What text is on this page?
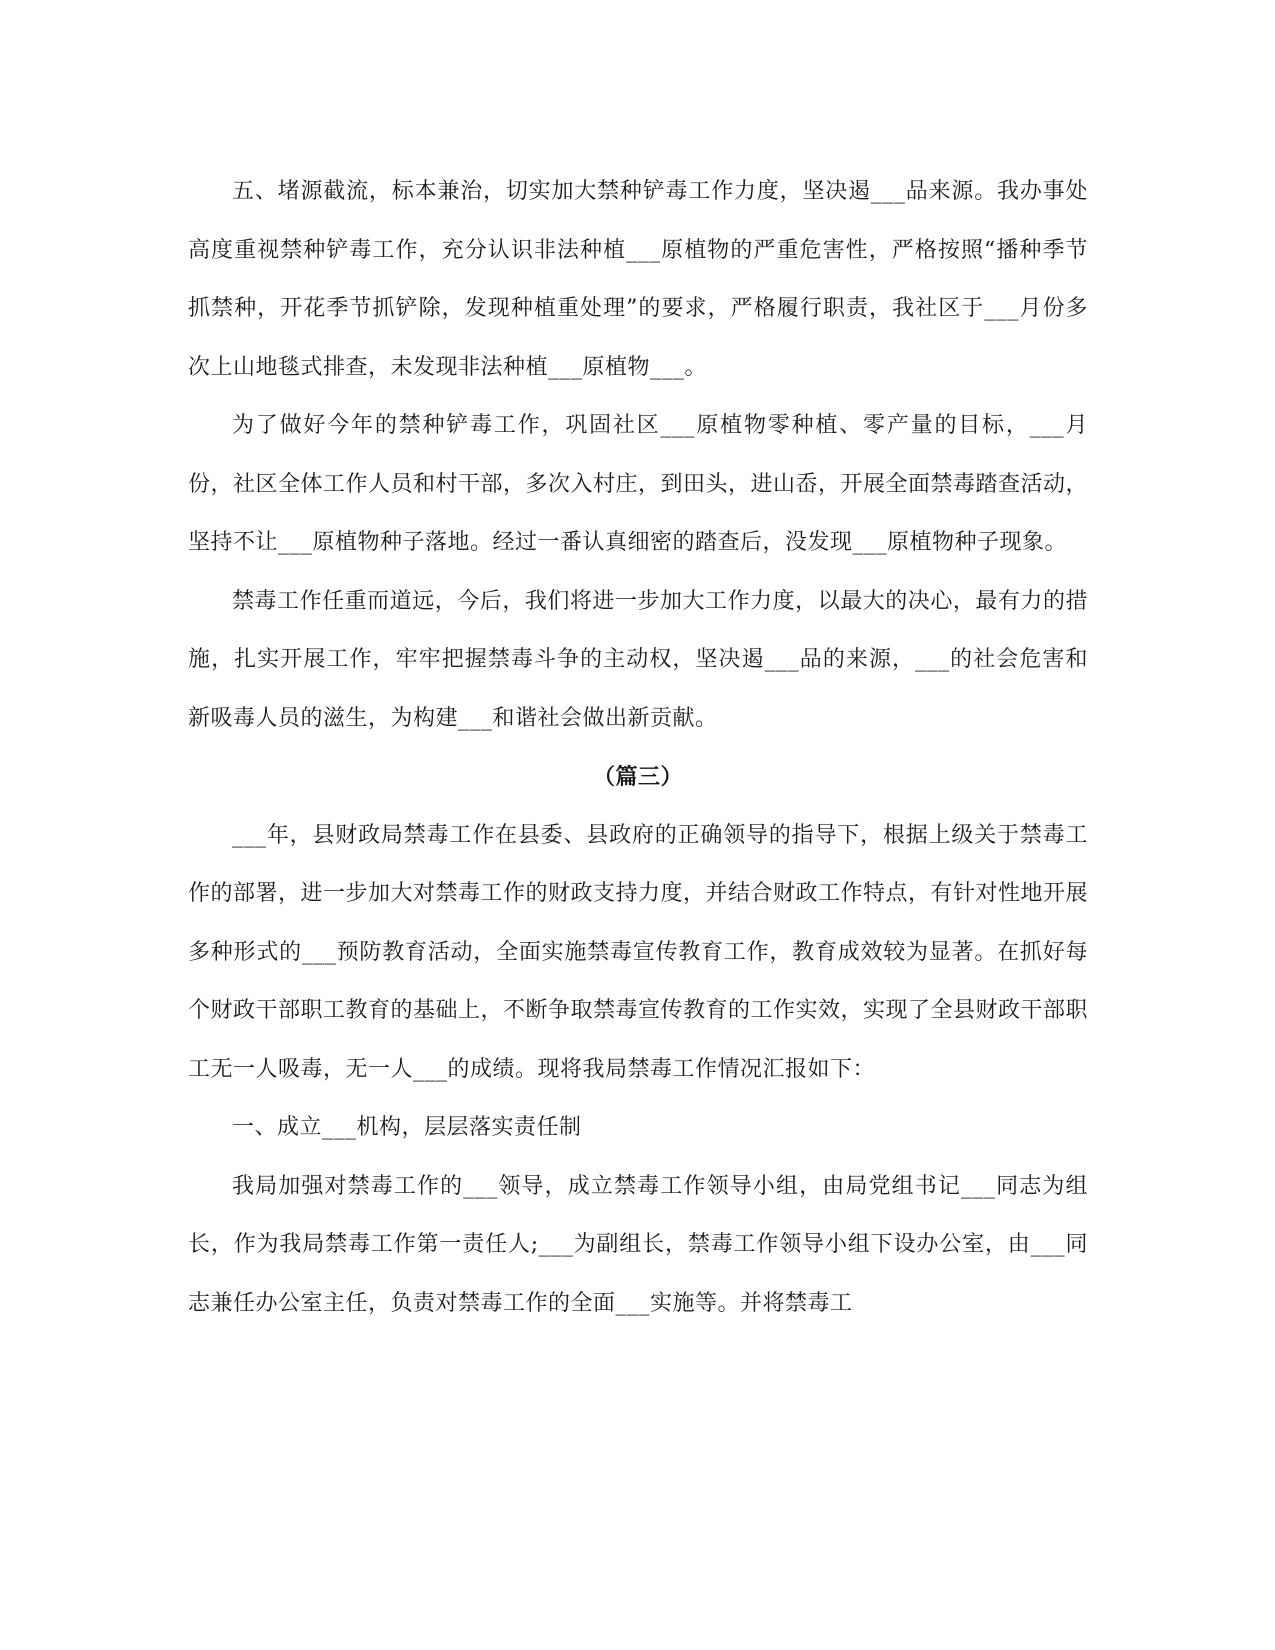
五、堵源截流，标本兼治，切实加大禁种铲毒工作力度，坚决遏___品来源。我办事处高度重视禁种铲毒工作，充分认识非法种植___原植物的严重危害性，严格按照“播种季节抓禁种，开花季节抓铲除，发现种植重处理”的要求，严格履行职责，我社区于___月份多次上山地毯式排查，未发现非法种植___原植物___。

为了做好今年的禁种铲毒工作，巩固社区___原植物零种植、零产量的目标，___月份，社区全体工作人员和村干部，多次入村庄，到田头，进山岙，开展全面禁毒踏查活动，坚持不让___原植物种子落地。经过一番认真细密的踏查后，没发现___原植物种子现象。

禁毒工作任重而道远，今后，我们将进一步加大工作力度，以最大的决心，最有力的措施，扎实开展工作，牢牢把握禁毒斗争的主动权，坚决遏___品的来源，___的社会危害和新吸毒人员的滋生，为构建___和谐社会做出新贡献。

（篇三）

___年，县财政局禁毒工作在县委、县政府的正确领导的指导下，根据上级关于禁毒工作的部署，进一步加大对禁毒工作的财政支持力度，并结合财政工作特点，有针对性地开展多种形式的___预防教育活动，全面实施禁毒宣传教育工作，教育成效较为显著。在抓好每个财政干部职工教育的基础上，不断争取禁毒宣传教育的工作实效，实现了全县财政干部职工无一人吸毒，无一人___的成绩。现将我局禁毒工作情况汇报如下：

一、成立___机构，层层落实责任制

我局加强对禁毒工作的___领导，成立禁毒工作领导小组，由局党组书记___同志为组长，作为我局禁毒工作第一责任人;___为副组长，禁毒工作领导小组下设办公室，由___同志兼任办公室主任，负责对禁毒工作的全面___实施等。并将禁毒工
